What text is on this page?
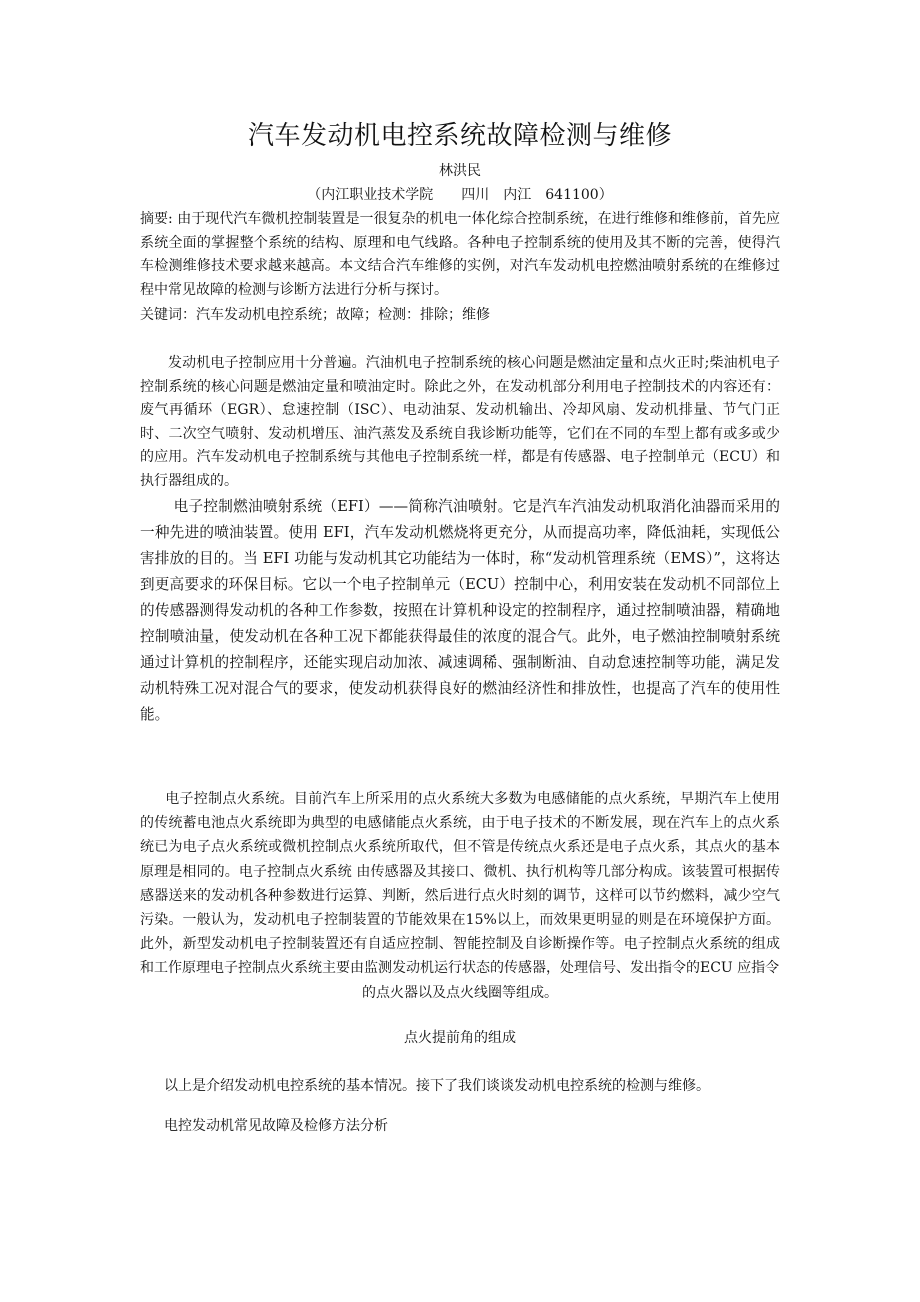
汽车发动机电控系统故障检测与维修
林洪民
（内江职业技术学院　　四川　内江　641100）
摘要: 由于现代汽车微机控制装置是一很复杂的机电一体化综合控制系统，在进行维修和维修前，首先应系统全面的掌握整个系统的结构、原理和电气线路。各种电子控制系统的使用及其不断的完善，使得汽车检测维修技术要求越来越高。本文结合汽车维修的实例，对汽车发动机电控燃油喷射系统的在维修过程中常见故障的检测与诊断方法进行分析与探讨。
关键词：汽车发动机电控系统；故障；检测：排除；维修
发动机电子控制应用十分普遍。汽油机电子控制系统的核心问题是燃油定量和点火正时;柴油机电子控制系统的核心问题是燃油定量和喷油定时。除此之外，在发动机部分利用电子控制技术的内容还有：废气再循环（EGR）、怠速控制（ISC）、电动油泵、发动机输出、冷却风扇、发动机排量、节气门正时、二次空气喷射、发动机增压、油汽蒸发及系统自我诊断功能等，它们在不同的车型上都有或多或少的应用。汽车发动机电子控制系统与其他电子控制系统一样，都是有传感器、电子控制单元（ECU）和执行器组成的。
电子控制燃油喷射系统（EFI）——简称汽油喷射。它是汽车汽油发动机取消化油器而采用的一种先进的喷油装置。使用 EFI，汽车发动机燃烧将更充分，从而提高功率，降低油耗，实现低公害排放的目的。当 EFI 功能与发动机其它功能结为一体时，称“发动机管理系统（EMS）”，这将达到更高要求的环保目标。它以一个电子控制单元（ECU）控制中心，利用安装在发动机不同部位上的传感器测得发动机的各种工作参数，按照在计算机种设定的控制程序，通过控制喷油器，精确地控制喷油量，使发动机在各种工况下都能获得最佳的浓度的混合气。此外，电子燃油控制喷射系统通过计算机的控制程序，还能实现启动加浓、减速调稀、强制断油、自动怠速控制等功能，满足发动机特殊工况对混合气的要求，使发动机获得良好的燃油经济性和排放性，也提高了汽车的使用性能。
电子控制点火系统。目前汽车上所采用的点火系统大多数为电感储能的点火系统，早期汽车上使用的传统蓄电池点火系统即为典型的电感储能点火系统，由于电子技术的不断发展，现在汽车上的点火系统已为电子点火系统或微机控制点火系统所取代，但不管是传统点火系还是电子点火系，其点火的基本原理是相同的。电子控制点火系统 由传感器及其接口、微机、执行机构等几部分构成。该装置可根据传感器送来的发动机各种参数进行运算、判断，然后进行点火时刻的调节，这样可以节约燃料，减少空气污染。一般认为，发动机电子控制装置的节能效果在15%以上，而效果更明显的则是在环境保护方面。此外，新型发动机电子控制装置还有自适应控制、智能控制及自诊断操作等。电子控制点火系统的组成和工作原理电子控制点火系统主要由监测发动机运行状态的传感器，处理信号、发出指令的ECU 应指令
的点火器以及点火线圈等组成。
点火提前角的组成
以上是介绍发动机电控系统的基本情况。接下了我们谈谈发动机电控系统的检测与维修。
电控发动机常见故障及检修方法分析
